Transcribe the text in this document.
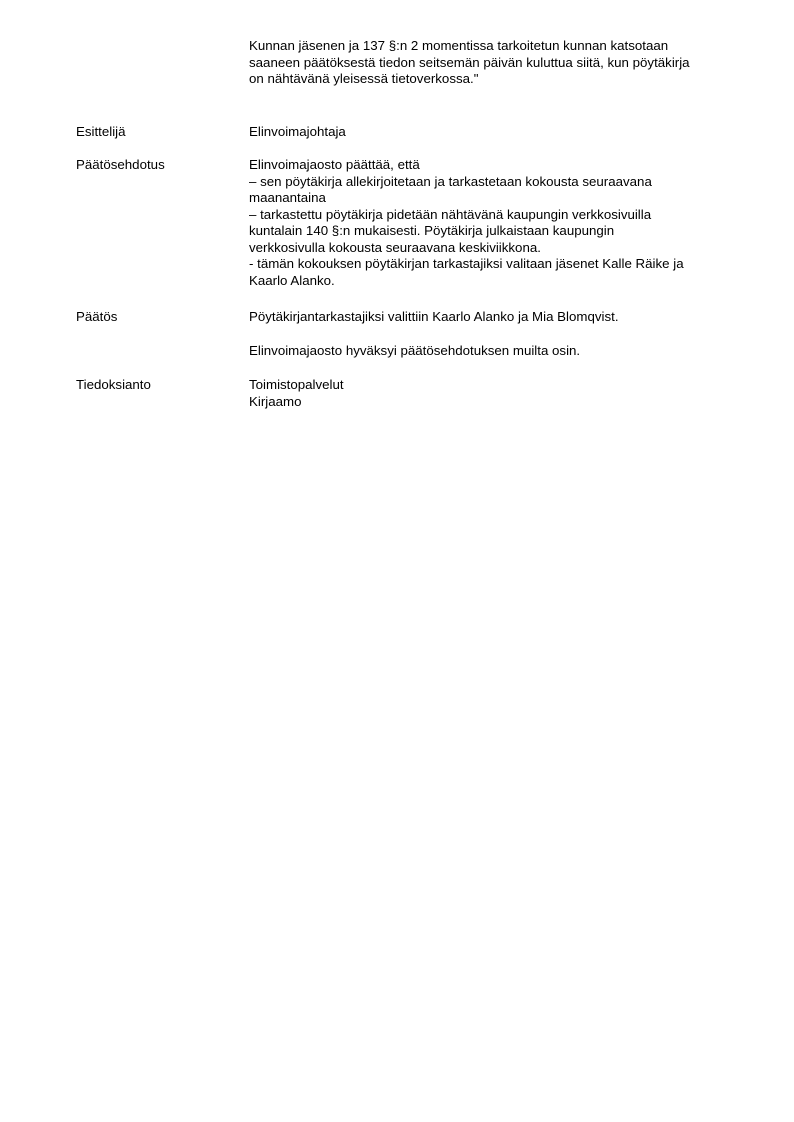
Kunnan jäsenen ja 137 §:n 2 momentissa tarkoitetun kunnan katsotaan
saaneen päätöksestä tiedon seitsemän päivän kuluttua siitä, kun pöytäkirja
on nähtävänä yleisessä tietoverkossa."
Esittelijä	Elinvoimajohtaja
Päätösehdotus	Elinvoimajaosto päättää, että
– sen pöytäkirja allekirjoitetaan ja tarkastetaan kokousta seuraavana
maanantaina
– tarkastettu pöytäkirja pidetään nähtävänä kaupungin verkkosivuilla
kuntalain 140 §:n mukaisesti. Pöytäkirja julkaistaan kaupungin
verkkosivulla kokousta seuraavana keskiviikkona.
- tämän kokouksen pöytäkirjan tarkastajiksi valitaan jäsenet Kalle Räike ja
Kaarlo Alanko.
Päätös	Pöytäkirjantarkastajiksi valittiin Kaarlo Alanko ja Mia Blomqvist.
Elinvoimajaosto hyväksyi päätösehdotuksen muilta osin.
Tiedoksianto	Toimistopalvelut
Kirjaamo
